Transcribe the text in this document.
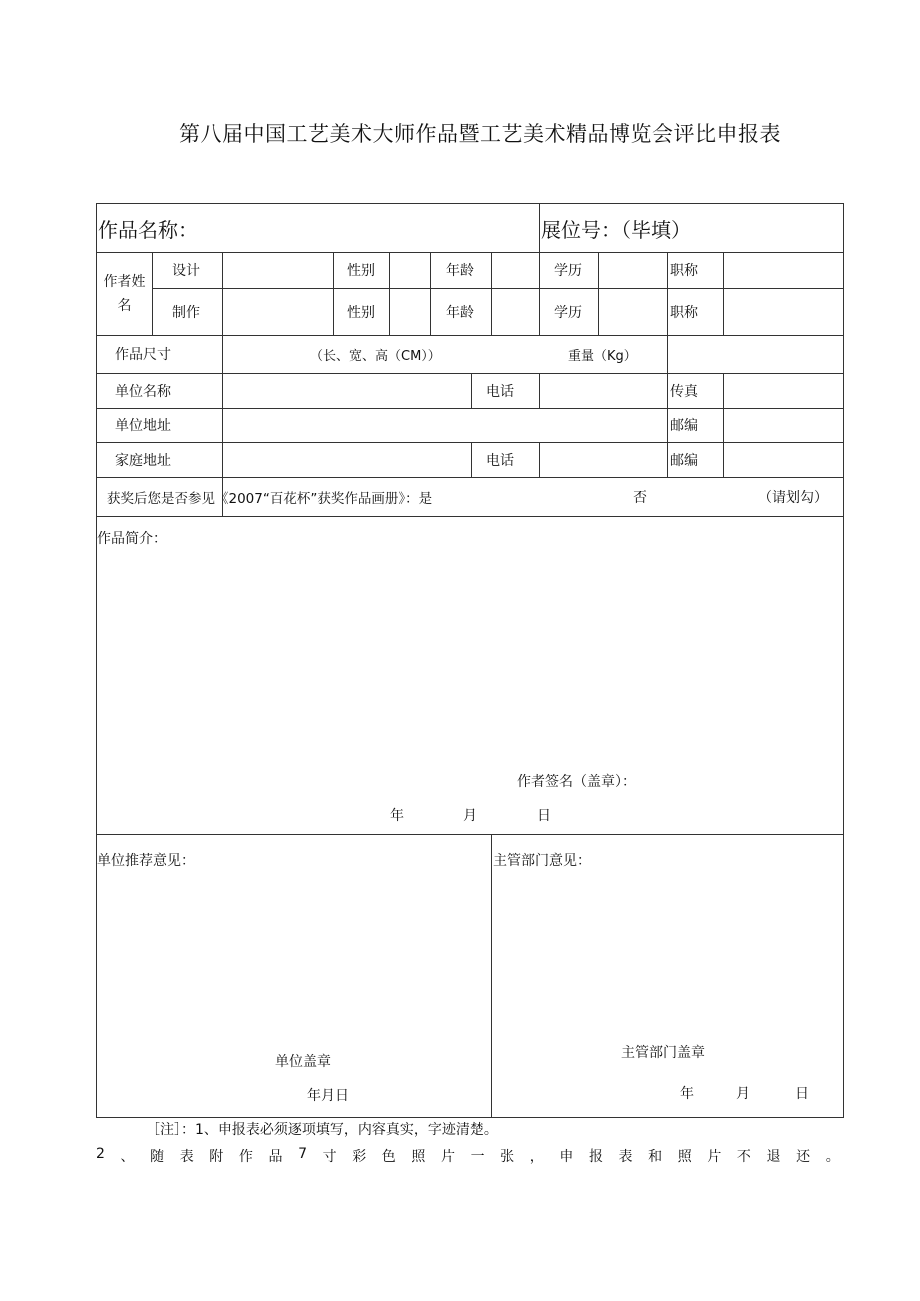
第八届中国工艺美术大师作品暨工艺美术精品博览会评比申报表
作品名称：	展位号：（毕填）
作者姓
名
设计	性别	年龄	学历	职称
制作	性别	年龄	学历	职称
作品尺寸	（长、宽、高（CM））	重量（Kg）
单位名称	电话	传真
单位地址	邮编
家庭地址	电话	邮编
获奖后您是否参见《2007“百花杯”获奖作品画册》：是	否	（请划勾）
作品简介：
作者签名（盖章）：
年	月	日
单位推荐意见：
单位盖章
年月日
主管部门意见：
主管部门盖章
年	月	日
［注］：1、申报表必须逐项填写，内容真实，字迹清楚。
2 、 随 表 附 作 品 7 寸 彩 色 照 片 一 张 ， 申 报 表 和 照 片 不 退 还 。
